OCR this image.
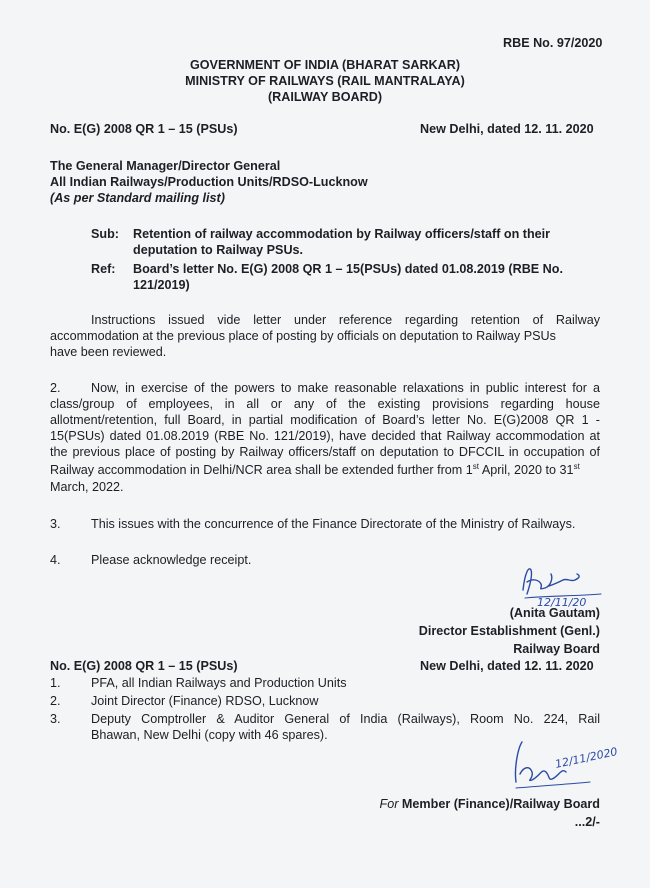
RBE No. 97/2020
GOVERNMENT OF INDIA (BHARAT SARKAR)
MINISTRY OF RAILWAYS (RAIL MANTRALAYA)
(RAILWAY BOARD)
No. E(G) 2008 QR 1 – 15 (PSUs)	New Delhi, dated 12. 11. 2020
The General Manager/Director General
All Indian Railways/Production Units/RDSO-Lucknow
(As per Standard mailing list)
Sub: Retention of railway accommodation by Railway officers/staff on their
deputation to Railway PSUs.
Ref: Board’s letter No. E(G) 2008 QR 1 – 15(PSUs) dated 01.08.2019 (RBE No.
121/2019)
Instructions issued vide letter under reference regarding retention of Railway
accommodation at the previous place of posting by officials on deputation to Railway PSUs
have been reviewed.
2. Now, in exercise of the powers to make reasonable relaxations in public interest for a
class/group of employees, in all or any of the existing provisions regarding house
allotment/retention, full Board, in partial modification of Board’s letter No. E(G)2008 QR 1 -
15(PSUs) dated 01.08.2019 (RBE No. 121/2019), have decided that Railway accommodation at
the previous place of posting by Railway officers/staff on deputation to DFCCIL in occupation of
Railway accommodation in Delhi/NCR area shall be extended further from 1st April, 2020 to 31st
March, 2022.
3. This issues with the concurrence of the Finance Directorate of the Ministry of Railways.
4. Please acknowledge receipt.
12/11/20
(Anita Gautam)
Director Establishment (Genl.)
Railway Board
No. E(G) 2008 QR 1 – 15 (PSUs)	New Delhi, dated 12. 11. 2020
1. PFA, all Indian Railways and Production Units
2. Joint Director (Finance) RDSO, Lucknow
3. Deputy Comptroller & Auditor General of India (Railways), Room No. 224, Rail
Bhawan, New Delhi (copy with 46 spares).
12/11/2020
For Member (Finance)/Railway Board
...2/-
